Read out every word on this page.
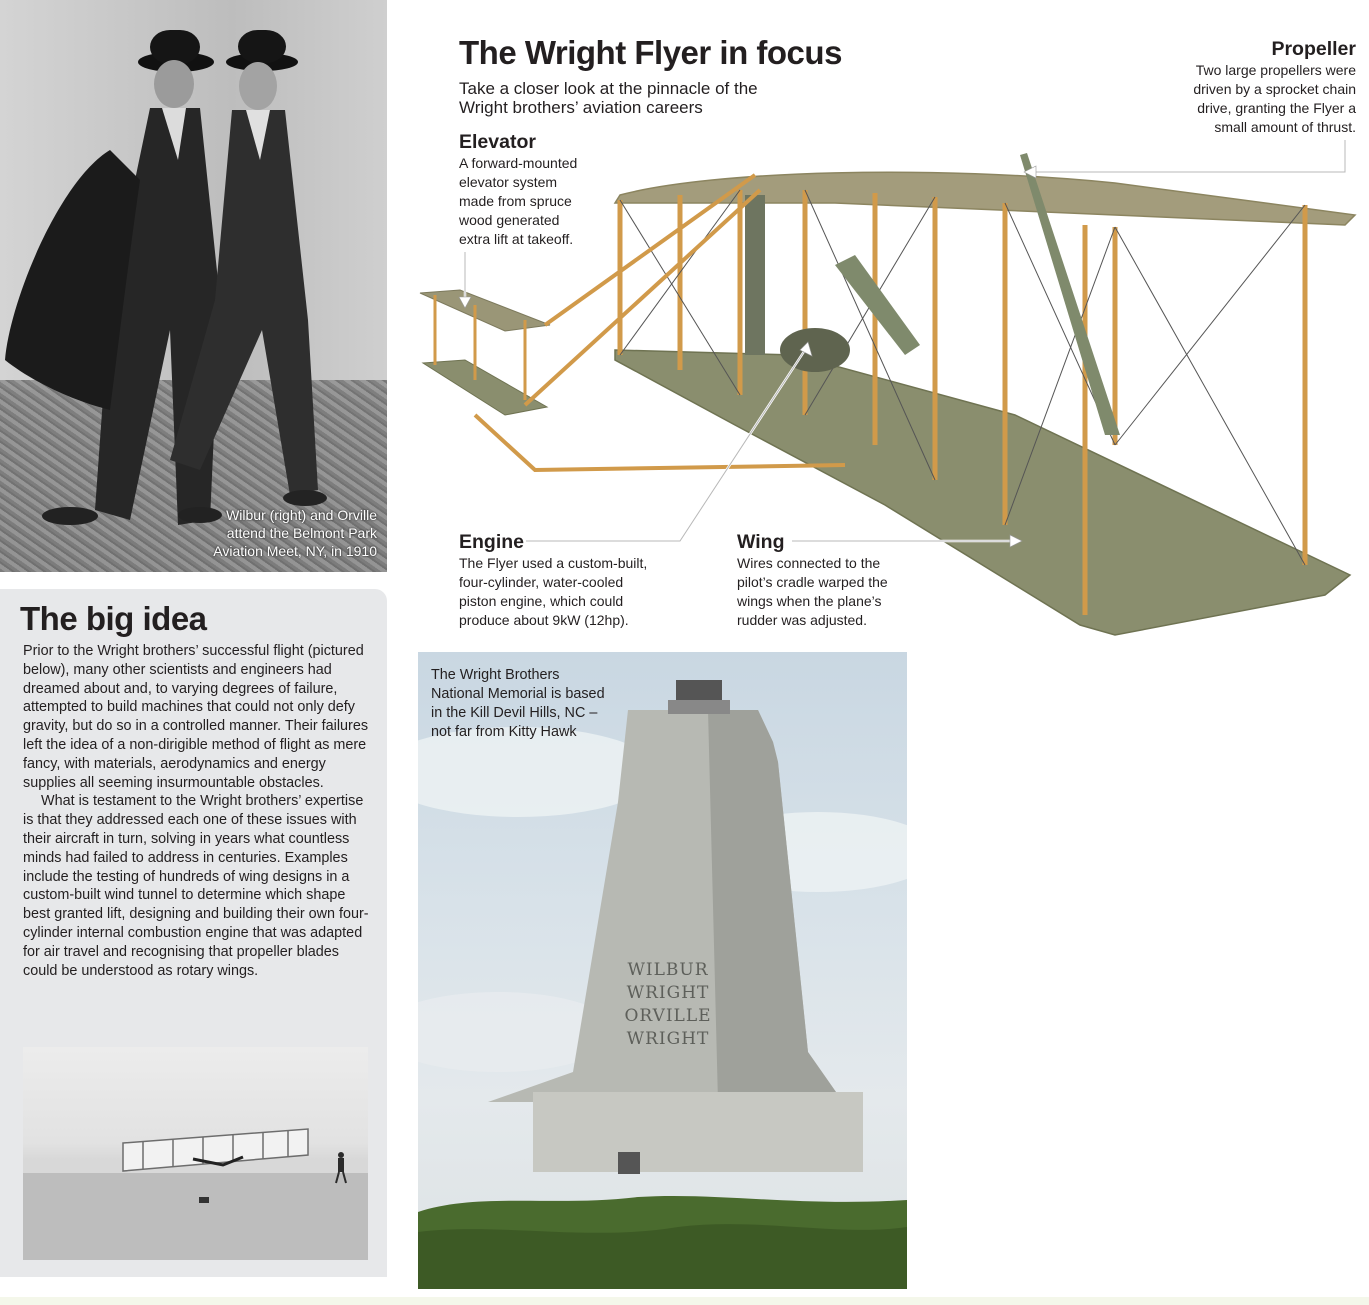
Wilbur (right) and Orville
attend the Belmont Park
Aviation Meet, NY, in 1910
The big idea

Prior to the Wright brothers’ successful flight (pictured below), many other scientists and engineers had dreamed about and, to varying degrees of failure, attempted to build machines that could not only defy gravity, but do so in a controlled manner. Their failures left the idea of a non-dirigible method of flight as mere fancy, with materials, aerodynamics and energy supplies all seeming insurmountable obstacles.

What is testament to the Wright brothers’ expertise is that they addressed each one of these issues with their aircraft in turn, solving in years what countless minds had failed to address in centuries. Examples include the testing of hundreds of wing designs in a custom-built wind tunnel to determine which shape best granted lift, designing and building their own four-cylinder internal combustion engine that was adapted for air travel and recognising that propeller blades could be understood as rotary wings.

The Wright Flyer in focus
Take a closer look at the pinnacle of the Wright brothers’ aviation careers
Elevator
A forward-mounted
elevator system
made from spruce
wood generated
extra lift at takeoff.
Propeller
Two large propellers were
driven by a sprocket chain
drive, granting the Flyer a
small amount of thrust.
Engine
The Flyer used a custom-built,
four-cylinder, water-cooled
piston engine, which could
produce about 9kW (12hp).
Wing
Wires connected to the
pilot’s cradle warped the
wings when the plane’s
rudder was adjusted.
WILBUR
WRIGHT
ORVILLE
WRIGHT
The Wright Brothers
National Memorial is based
in the Kill Devil Hills, NC –
not far from Kitty Hawk
